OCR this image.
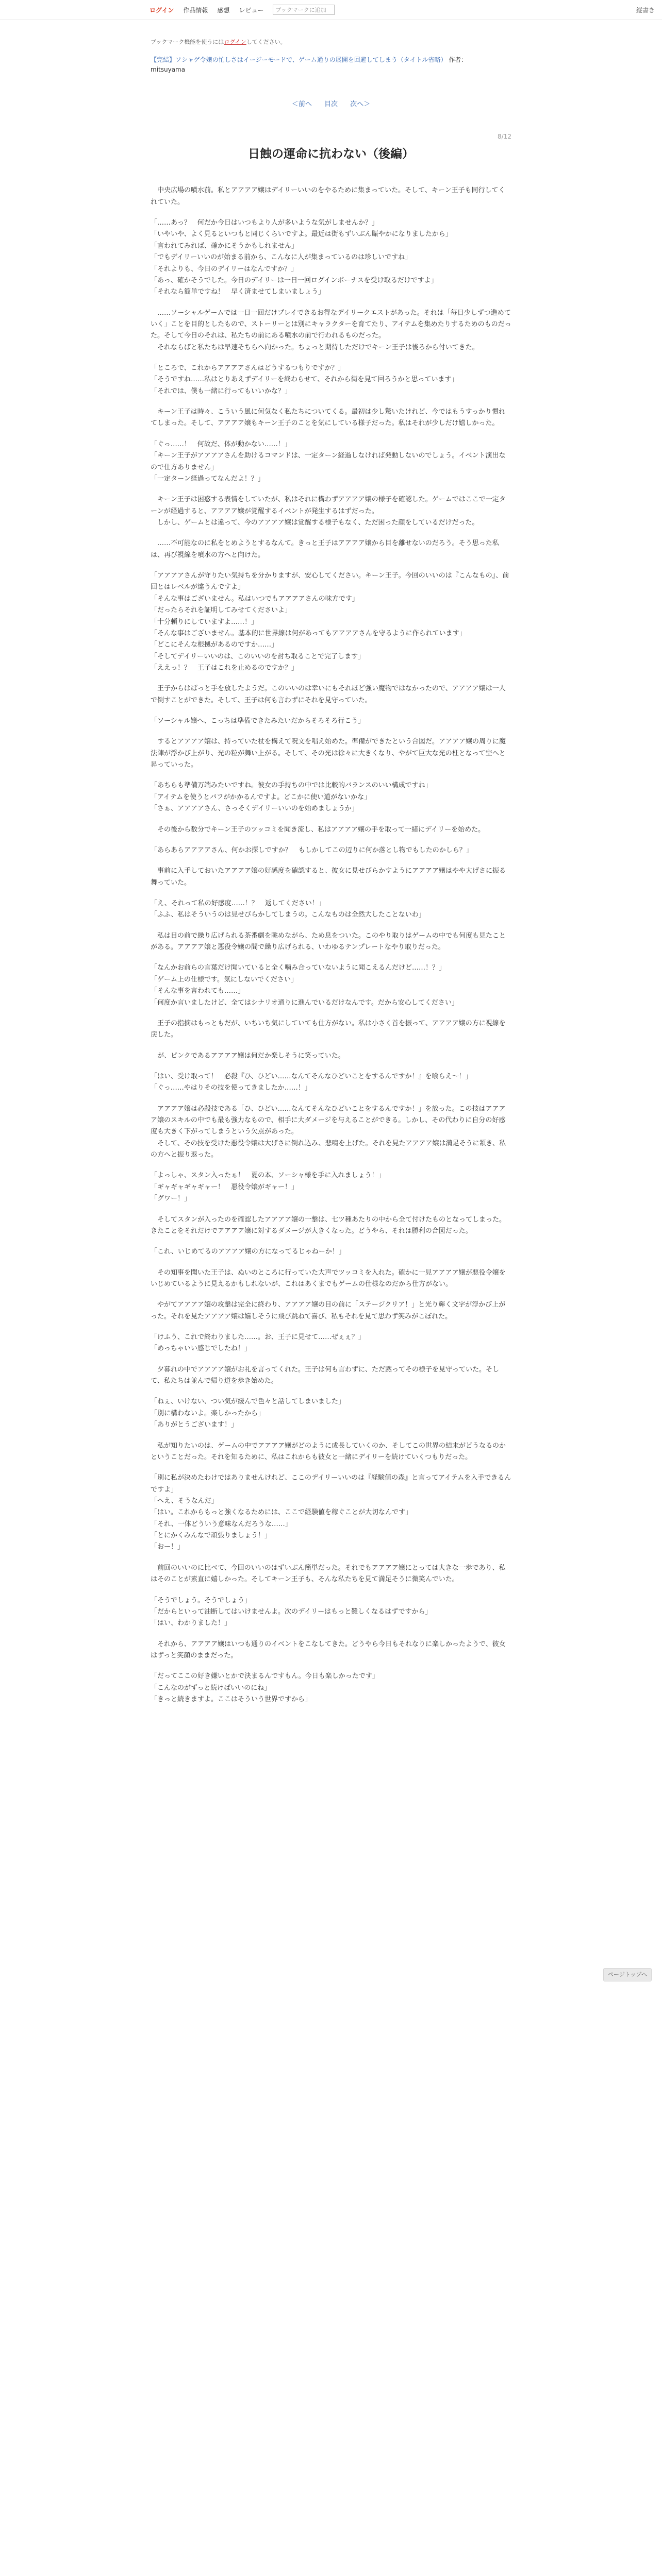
ログイン 作品情報 感想 レビュー	ブックマークに追加	縦書き
ブックマーク機能を使うにはログインしてください。
【完結】ソシャゲ令嬢の忙しさはイージーモードで、ゲーム通りの展開を回避してしまう（タイトル省略） 作者：mitsuyama
＜前へ 目次 次へ＞
8/12
日蝕の運命に抗わない（後編）

　中央広場の噴水前。私とアアアア嬢はデイリーいいのをやるために集まっていた。そして、キーン王子も同行してくれていた。

「……あっ？　何だか今日はいつもより人が多いような気がしませんか？」
「いやいや、よく見るといつもと同じくらいですよ。最近は街もずいぶん賑やかになりましたから」
「言われてみれば、確かにそうかもしれません」
「でもデイリーいいのが始まる前から、こんなに人が集まっているのは珍しいですね」
「それよりも、今日のデイリーはなんですか？」
「あっ、確かそうでした。今日のデイリーは一日一回ログインボーナスを受け取るだけですよ」
「それなら簡単ですね！　早く済ませてしまいましょう」

　……ソーシャルゲームでは一日一回だけプレイできるお得なデイリークエストがあった。それは「毎日少しずつ進めていく」ことを目的としたもので、ストーリーとは別にキャラクターを育てたり、アイテムを集めたりするためのものだった。そして今日のそれは、私たちの前にある噴水の前で行われるものだった。
　それならばと私たちは早速そちらへ向かった。ちょっと期待しただけでキーン王子は後ろから付いてきた。

「ところで、これからアアアアさんはどうするつもりですか？」
「そうですね……私はとりあえずデイリーを終わらせて、それから街を見て回ろうかと思っています」
「それでは、僕も一緒に行ってもいいかな？」

　キーン王子は時々、こういう風に何気なく私たちについてくる。最初は少し驚いたけれど、今ではもうすっかり慣れてしまった。そして、アアアア嬢もキーン王子のことを気にしている様子だった。私はそれが少しだけ嬉しかった。

「ぐっ……！　何故だ、体が動かない……！」
「キーン王子がアアアアさんを助けるコマンドは、一定ターン経過しなければ発動しないのでしょう。イベント演出なので仕方ありません」
「一定ターン経過ってなんだよ！？」

　キーン王子は困惑する表情をしていたが、私はそれに構わずアアアア嬢の様子を確認した。ゲームではここで一定ターンが経過すると、アアアア嬢が覚醒するイベントが発生するはずだった。
　しかし、ゲームとは違って、今のアアアア嬢は覚醒する様子もなく、ただ困った顔をしているだけだった。

　……不可能なのに私をとめようとするなんて。きっと王子はアアアア嬢から目を離せないのだろう。そう思った私は、再び視線を噴水の方へと向けた。

「アアアアさんが守りたい気持ちを分かりますが、安心してください。キーン王子。今回のいいのは『こんなもの』、前回とはレベルが違うんですよ」
「そんな事はございません。私はいつでもアアアアさんの味方です」
「だったらそれを証明してみせてくださいよ」
「十分頼りにしていますよ……！」
「そんな事はございません。基本的に世界線は何があってもアアアアさんを守るように作られています」
「どこにそんな根拠があるのですか……」
「そしてデイリーいいのは、このいいのを討ち取ることで完了します」
「ええっ！？　王子はこれを止めるのですか？」

　王子からはぱっと手を放したようだ。このいいのは幸いにもそれほど強い魔物ではなかったので、アアアア嬢は一人で倒すことができた。そして、王子は何も言わずにそれを見守っていた。

「ソーシャル嬢へ、こっちは準備できたみたいだからそろそろ行こう」

　するとアアアア嬢は、持っていた杖を構えて呪文を唱え始めた。準備ができたという合図だ。アアアア嬢の周りに魔法陣が浮かび上がり、光の粒が舞い上がる。そして、その光は徐々に大きくなり、やがて巨大な光の柱となって空へと昇っていった。

「あちらも準備万端みたいですね。彼女の手持ちの中では比較的バランスのいい構成ですね」
「アイテムを使うとバフがかかるんですよ。どこかに使い道がないかな」
「さぁ、アアアアさん、さっそくデイリーいいのを始めましょうか」

　その後から数分でキーン王子のツッコミを聞き流し、私はアアアア嬢の手を取って一緒にデイリーを始めた。

「あらあらアアアアさん、何かお探しですか？　もしかしてこの辺りに何か落とし物でもしたのかしら？」

　事前に入手しておいたアアアア嬢の好感度を確認すると、彼女に見せびらかすようにアアアア嬢はやや大げさに振る舞っていた。

「え、それって私の好感度……！？　返してください！」
「ふふ、私はそういうのは見せびらかしてしまうの。こんなものは全然大したことないわ」

　私は目の前で繰り広げられる茶番劇を眺めながら、ため息をついた。このやり取りはゲームの中でも何度も見たことがある。アアアア嬢と悪役令嬢の間で繰り広げられる、いわゆるテンプレートなやり取りだった。

「なんかお前らの言葉だけ聞いていると全く噛み合っていないように聞こえるんだけど……！？」
「ゲーム上の仕様です。気にしないでください」
「そんな事を言われても……」
「何度か言いましたけど、全てはシナリオ通りに進んでいるだけなんです。だから安心してください」

　王子の指摘はもっともだが、いちいち気にしていても仕方がない。私は小さく首を振って、アアアア嬢の方に視線を戻した。

　が、ピンクであるアアアア嬢は何だか楽しそうに笑っていた。

「はい、受け取って！　必殺『ひ、ひどい……なんてそんなひどいことをするんですか！』を喰らえ〜！」
「ぐっ……やはりその技を使ってきましたか……！」

　アアアア嬢は必殺技である「ひ、ひどい……なんてそんなひどいことをするんですか！」を放った。この技はアアアア嬢のスキルの中でも最も強力なもので、相手に大ダメージを与えることができる。しかし、その代わりに自分の好感度も大きく下がってしまうという欠点があった。
　そして、その技を受けた悪役令嬢は大げさに倒れ込み、悲鳴を上げた。それを見たアアアア嬢は満足そうに頷き、私の方へと振り返った。

「よっしゃ、スタン入ったぁ！　夏の本、ソーシャ様を手に入れましょう！」
「ギャギャギャギャー！　悪役令嬢がギャー！」
「グワー！」

　そしてスタンが入ったのを確認したアアアア嬢の一撃は、七ツ種あたりの中から全て付けたものとなってしまった。きたことをそれだけでアアアア嬢に対するダメージが大きくなった。どうやら、それは勝利の合図だった。

「これ、いじめてるのアアアア嬢の方になってるじゃねーか！」

　その知事を聞いた王子は、ぬいのところに行っていた大声でツッコミを入れた。確かに一見アアアア嬢が悪役令嬢をいじめているように見えるかもしれないが、これはあくまでもゲームの仕様なのだから仕方がない。

　やがてアアアア嬢の攻撃は完全に終わり、アアアア嬢の目の前に「ステージクリア！」と光り輝く文字が浮かび上がった。それを見たアアアア嬢は嬉しそうに飛び跳ねて喜び、私もそれを見て思わず笑みがこぼれた。

「けふう、これで終わりました……。お、王子に見せて……ぜぇぇ？」
「めっちゃいい感じでしたね！」

　夕暮れの中でアアアア嬢がお礼を言ってくれた。王子は何も言わずに、ただ黙ってその様子を見守っていた。そして、私たちは並んで帰り道を歩き始めた。

「ねぇ、いけない、つい気が緩んで色々と話してしまいました」
「別に構わないよ。楽しかったから」
「ありがとうございます！」

　私が知りたいのは、ゲームの中でアアアア嬢がどのように成長していくのか、そしてこの世界の結末がどうなるのかということだった。それを知るために、私はこれからも彼女と一緒にデイリーを続けていくつもりだった。

「別に私が決めたわけではありませんけれど、ここのデイリーいいのは『経験値の森』と言ってアイテムを入手できるんですよ」
「へえ、そうなんだ」
「はい。これからもっと強くなるためには、ここで経験値を稼ぐことが大切なんです」
「それ、一体どういう意味なんだろうな……」
「とにかくみんなで頑張りましょう！」
「おー！」

　前回のいいのに比べて、今回のいいのはずいぶん簡単だった。それでもアアアア嬢にとっては大きな一歩であり、私はそのことが素直に嬉しかった。そしてキーン王子も、そんな私たちを見て満足そうに微笑んでいた。

「そうでしょう。そうでしょう」
「だからといって油断してはいけませんよ。次のデイリーはもっと難しくなるはずですから」
「はい、わかりました！」

　それから、アアアア嬢はいつも通りのイベントをこなしてきた。どうやら今日もそれなりに楽しかったようで、彼女はずっと笑顔のままだった。

「だってここの好き嫌いとかで決まるんですもん。今日も楽しかったです」
「こんなのがずっと続けばいいのにね」
「きっと続きますよ。ここはそういう世界ですから」

ページトップへ
